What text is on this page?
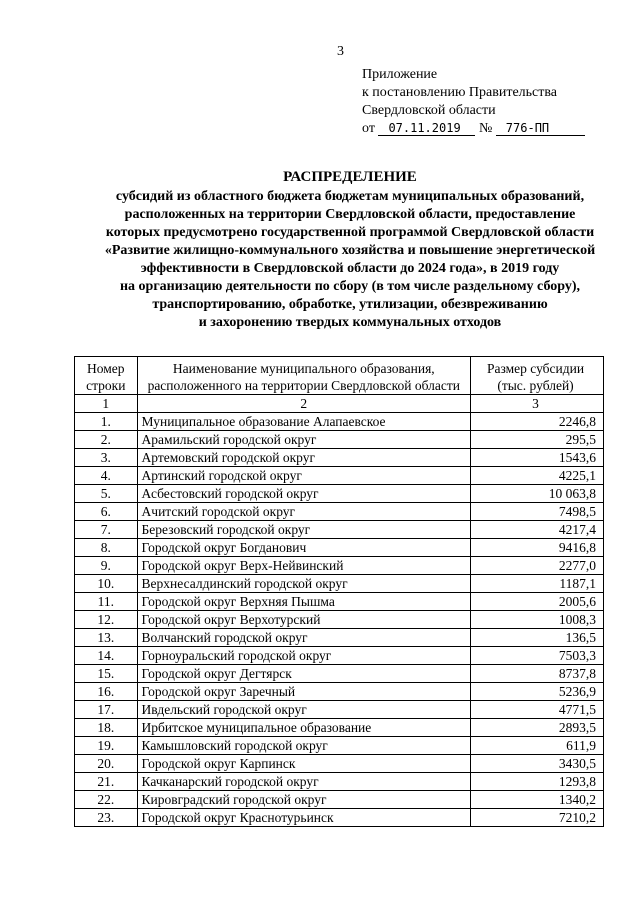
3
Приложение
к постановлению Правительства
Свердловской области
от 07.11.2019 № 776-ПП
РАСПРЕДЕЛЕНИЕ
субсидий из областного бюджета бюджетам муниципальных образований,
расположенных на территории Свердловской области, предоставление
которых предусмотрено государственной программой Свердловской области
«Развитие жилищно-коммунального хозяйства и повышение энергетической
эффективности в Свердловской области до 2024 года», в 2019 году
на организацию деятельности по сбору (в том числе раздельному сбору),
транспортированию, обработке, утилизации, обезвреживанию
и захоронению твердых коммунальных отходов
Номер строки	Наименование муниципального образования, расположенного на территории Свердловской области	Размер субсидии (тыс. рублей)
1	2	3
1.	Муниципальное образование Алапаевское	2246,8
2.	Арамильский городской округ	295,5
3.	Артемовский городской округ	1543,6
4.	Артинский городской округ	4225,1
5.	Асбестовский городской округ	10 063,8
6.	Ачитский городской округ	7498,5
7.	Березовский городской округ	4217,4
8.	Городской округ Богданович	9416,8
9.	Городской округ Верх-Нейвинский	2277,0
10.	Верхнесалдинский городской округ	1187,1
11.	Городской округ Верхняя Пышма	2005,6
12.	Городской округ Верхотурский	1008,3
13.	Волчанский городской округ	136,5
14.	Горноуральский городской округ	7503,3
15.	Городской округ Дегтярск	8737,8
16.	Городской округ Заречный	5236,9
17.	Ивдельский городской округ	4771,5
18.	Ирбитское муниципальное образование	2893,5
19.	Камышловский городской округ	611,9
20.	Городской округ Карпинск	3430,5
21.	Качканарский городской округ	1293,8
22.	Кировградский городской округ	1340,2
23.	Городской округ Краснотурьинск	7210,2
